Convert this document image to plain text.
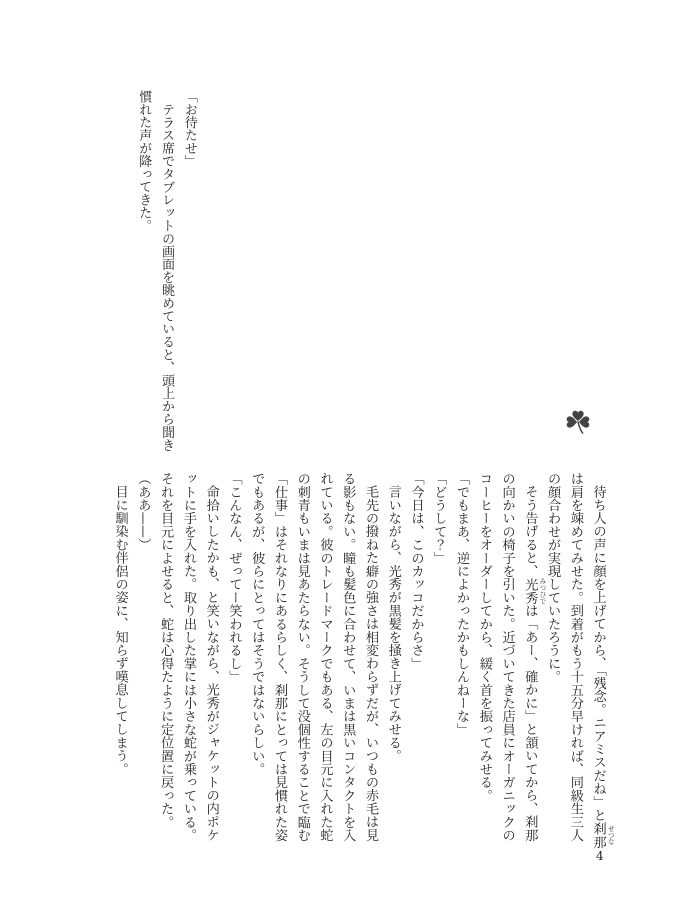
「お待たせ」
テラス席でタブレットの画面を眺めていると、頭上から聞き
慣れた声が降ってきた。
待ち人の声に顔を上げてから、「残念。ニアミスだね」と刹那 せつな
は肩を竦めてみせた。到着がもう十五分早ければ、同級生三人
の顔合わせが実現していたろうに。
そう告げると、光秀 みつひで
は「あー、確かに」と頷いてから、刹那
の向かいの椅子を引いた。近づいてきた店員にオーガニックの
コーヒーをオーダーしてから、緩く首を振ってみせる。
「でもまあ、逆によかったかもしんねーな」
「どうして？」
「今日は、このカッコだからさ」
言いながら、光秀が黒髪を掻き上げてみせる。
毛先の撥ねた癖の強さは相変わらずだが、いつもの赤毛は見
る影もない。瞳も髪色に合わせて、いまは黒いコンタクトを入
れている。彼のトレードマークでもある、左の目元に入れた蛇
の刺青もいまは見あたらない。そうして没個性することで臨む
「仕事」はそれなりにあるらしく、刹那にとっては見慣れた姿
でもあるが、彼らにとってはそうではないらしい。
「こんなん、ぜってー笑われるし」
命拾いしたかも、と笑いながら、光秀がジャケットの内ポケ
ットに手を入れた。取り出した掌には小さな蛇が乗っている。
それを目元によせると、蛇は心得たように定位置に戻った。
（ああ——）
目に馴染む伴侶の姿に、知らず嘆息してしまう。
4
